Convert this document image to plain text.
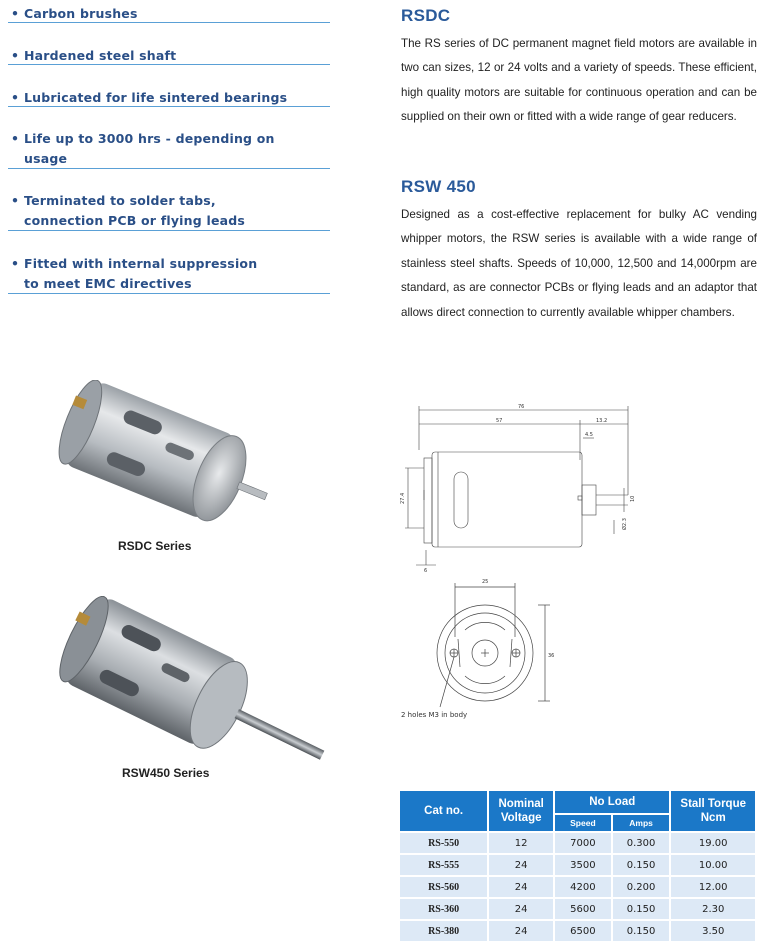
• Carbon brushes
• Hardened steel shaft
• Lubricated for life sintered bearings
• Life up to 3000 hrs - depending on
usage
• Terminated to solder tabs,
connection PCB or flying leads
• Fitted with internal suppression
to meet EMC directives
RSDC
The RS series of DC permanent magnet field motors are available in two can sizes, 12 or 24 volts and a variety of speeds. These efficient, high quality motors are suitable for continuous operation and can be supplied on their own or fitted with a wide range of gear reducers.
RSW 450
Designed as a cost-effective replacement for bulky AC vending whipper motors, the RSW series is available with a wide range of stainless steel shafts. Speeds of 10,000, 12,500 and 14,000rpm are standard, as are connector PCBs or flying leads and an adaptor that allows direct connection to currently available whipper chambers.
RSDC Series
RSW450 Series
76
57	13.2
4.5
27.4	10
Ø2.3
6
25
36
2 holes M3 in body
Cat no.	Nominal Voltage	No Load		Stall Torque Ncm
		Speed	Amps	
RS-550	12	7000	0.300	19.00
RS-555	24	3500	0.150	10.00
RS-560	24	4200	0.200	12.00
RS-360	24	5600	0.150	2.30
RS-380	24	6500	0.150	3.50
